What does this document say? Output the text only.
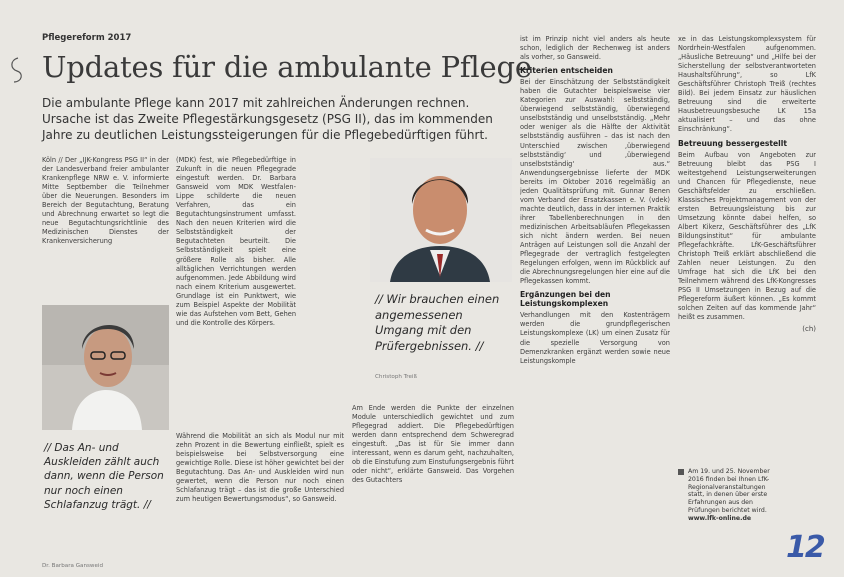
Pflegereform 2017
Updates für die ambulante Pflege
Die ambulante Pflege kann 2017 mit zahlreichen Änderungen rechnen. Ursache ist das Zweite Pflegestärkungsgesetz (PSG II), das im kommenden Jahre zu deutlichen Leistungssteigerungen für die Pflegebedürftigen führt.

Köln // Der „IJK-Kongress PSG II“ in der der Landesverband freier ambulanter Krankenpflege NRW e. V. informierte Mitte Septbember die Teilnehmer über die Neuerungen. Besonders im Bereich der Begutachtung, Beratung und Abrechnung erwartet so legt die neue Begutachtungsrichtlinie des Medizinischen Dienstes der Krankenversicherung

(MDK) fest, wie Pflegebedürftige in Zukunft in die neuen Pflegegrade eingestuft werden. Dr. Barbara Gansweid vom MDK Westfalen-Lippe schilderte die neuen Verfahren, das ein Begutachtungsinstrument umfasst. Nach den neuen Kriterien wird die Selbstständigkeit der Begutachteten beurteilt. Die Selbstständigkeit spielt eine größere Rolle als bisher. Alle alltäglichen Verrichtungen werden aufgenommen. Jede Abbildung wird nach einem Kriterium ausgewertet. Grundlage ist ein Punktwert, wie zum Beispiel Aspekte der Mobilität wie das Aufstehen vom Bett, Gehen und die Kontrolle des Körpers.

Während die Mobilität an sich als Modul nur mit zehn Prozent in die Bewertung einfließt, spielt es beispielsweise bei Selbstversorgung eine gewichtige Rolle. Diese ist höher gewichtet bei der Begutachtung. Das An- und Auskleiden wird nun gewertet, wenn die Person nur noch einen Schlafanzug trägt – das ist die große Unterschied zum heutigen Bewertungsmodus“, so Gansweid.

Am Ende werden die Punkte der einzelnen Module unterschiedlich gewichtet und zum Pflegegrad addiert. Die Pflegebedürftigen werden dann entsprechend dem Schweregrad eingestuft. „Das ist für Sie immer dann interessant, wenn es darum geht, nachzuhalten, ob die Einstufung zum Einstufungsergebnis führt oder nicht“, erklärte Gansweid. Das Vorgehen des Gutachters

ist im Prinzip nicht viel anders als heute schon, lediglich der Rechenweg ist anders als vorher, so Gansweid.

Kriterien entscheiden

Bei der Einschätzung der Selbstständigkeit haben die Gutachter beispielsweise vier Kategorien zur Auswahl: selbstständig, überwiegend selbstständig, überwiegend unselbstständig und unselbstständig. „Mehr oder weniger als die Hälfte der Aktivität selbstständig ausführen – das ist nach den Unterschied zwischen ‚überwiegend selbstständig‘ und ‚überwiegend unselbstständig‘ aus.“ Anwendungsergebnisse lieferte der MDK bereits im Oktober 2016 regelmäßig an jeden Qualitätsprüfung mit. Gunnar Benen vom Verband der Ersatzkassen e. V. (vdek) machte deutlich, dass in der internen Praktik ihrer Tabellenberechnungen in den medizinischen Arbeitsabläufen Pflegekassen sich nicht ändern werden. Bei neuen Anträgen auf Leistungen soll die Anzahl der Pflegegrade der vertraglich festgelegten Regelungen erfolgen, wenn im Rückblick auf die Abrechnungsregelungen hier eine auf die Pflegekassen kommt.

Ergänzungen bei den Leistungskomplexen

Verhandlungen mit den Kostenträgern werden die grundpflegerischen Leistungskomplexe (LK) um einen Zusatz für die spezielle Versorgung von Demenzkranken ergänzt werden sowie neue Leistungskomple

xe in das Leistungskomplexsystem für Nordrhein-Westfalen aufgenommen. „Häusliche Betreuung“ und „Hilfe bei der Sicherstellung der selbstverantworteten Haushaltsführung“, so LfK Geschäftsführer Christoph Treiß (rechtes Bild). Bei jedem Einsatz zur häuslichen Betreuung sind die erweiterte Hausbetreuungsbesuche LK 15a aktualisiert – und das ohne Einschränkung“.

Betreuung bessergestellt

Beim Aufbau von Angeboten zur Betreuung bleibt das PSG I weitestgehend Leistungserweiterungen und Chancen für Pflegedienste, neue Geschäftsfelder zu erschließen. Klassisches Projektmanagement von der ersten Betreuungsleistung bis zur Umsetzung könnte dabei helfen, so Albert Kikerz, Geschäftsführer des „LfK Bildungsinstitut“ für ambulante Pflegefachkräfte. LfK-Geschäftsführer Christoph Treiß erklärt abschließend die Zahlen neuer Leistungen. Zu den Umfrage hat sich die LfK bei den Teilnehmern während des LfK-Kongresses PSG II Umsetzungen in Bezug auf die Pflegereform äußert können. „Es kommt solchen Zeiten auf das kommende Jahr“ heißt es zusammen.

(ch)

// Das An- und Auskleiden zählt auch dann, wenn die Person nur noch einen Schlafanzug trägt. //
// Wir brauchen einen angemessenen Umgang mit den Prüfergebnissen. //
Dr. Barbara Gansweid
Christoph Treiß
Am 19. und 25. November 2016 finden bei Ihnen LfK-Regionalveranstaltungen statt, in denen über erste Erfahrungen aus den Prüfungen berichtet wird.
www.lfk-online.de
12
